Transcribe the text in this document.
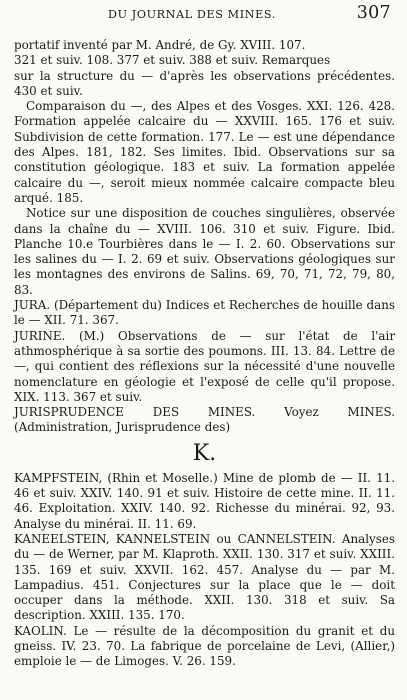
DU JOURNAL DES MINES.	307

portatif inventé par M. André, de Gy. XVIII. 107.

321 et suiv. 108. 377 et suiv. 388 et suiv. Remarques

sur la structure du — d'après les observations précédentes. 430 et suiv.

Comparaison du —, des Alpes et des Vosges. XXI. 126. 428. Formation appelée calcaire du — XXVIII. 165. 176 et suiv. Subdivision de cette formation. 177. Le — est une dépendance des Alpes. 181, 182. Ses limites. Ibid. Observations sur sa constitution géologique. 183 et suiv. La formation appelée calcaire du —, seroit mieux nommée calcaire compacte bleu arqué. 185.

Notice sur une disposition de couches singulières, observée dans la chaîne du — XVIII. 106. 310 et suiv. Figure. Ibid. Planche 10.e Tourbières dans le — I. 2. 60. Observations sur les salines du — I. 2. 69 et suiv. Observations géologiques sur les montagnes des environs de Salins. 69, 70, 71, 72, 79, 80, 83.

JURA. (Département du) Indices et Recherches de houille dans le — XII. 71. 367.

JURINE. (M.) Observations de — sur l'état de l'air athmosphérique à sa sortie des poumons. III. 13. 84. Lettre de —, qui contient des réflexions sur la nécessité d'une nouvelle nomenclature en géologie et l'exposé de celle qu'il propose. XIX. 113. 367 et suiv.

JURISPRUDENCE DES MINES. Voyez MINES. (Administration, Jurisprudence des)

K.

KAMPFSTEIN, (Rhin et Moselle.) Mine de plomb de — II. 11. 46 et suiv. XXIV. 140. 91 et suiv. Histoire de cette mine. II. 11. 46. Exploitation. XXIV. 140. 92. Richesse du minérai. 92, 93. Analyse du minérai. II. 11. 69.

KANEELSTEIN, KANNELSTEIN ou CANNELSTEIN. Analyses du — de Werner, par M. Klaproth. XXII. 130. 317 et suiv. XXIII. 135. 169 et suiv. XXVII. 162. 457. Analyse du — par M. Lampadius. 451. Conjectures sur la place que le — doit occuper dans la méthode. XXII. 130. 318 et suiv. Sa description. XXIII. 135. 170.

KAOLIN. Le — résulte de la décomposition du granit et du gneiss. IV. 23. 70. La fabrique de porcelaine de Levi, (Allier,) emploie le — de Limoges. V. 26. 159.
